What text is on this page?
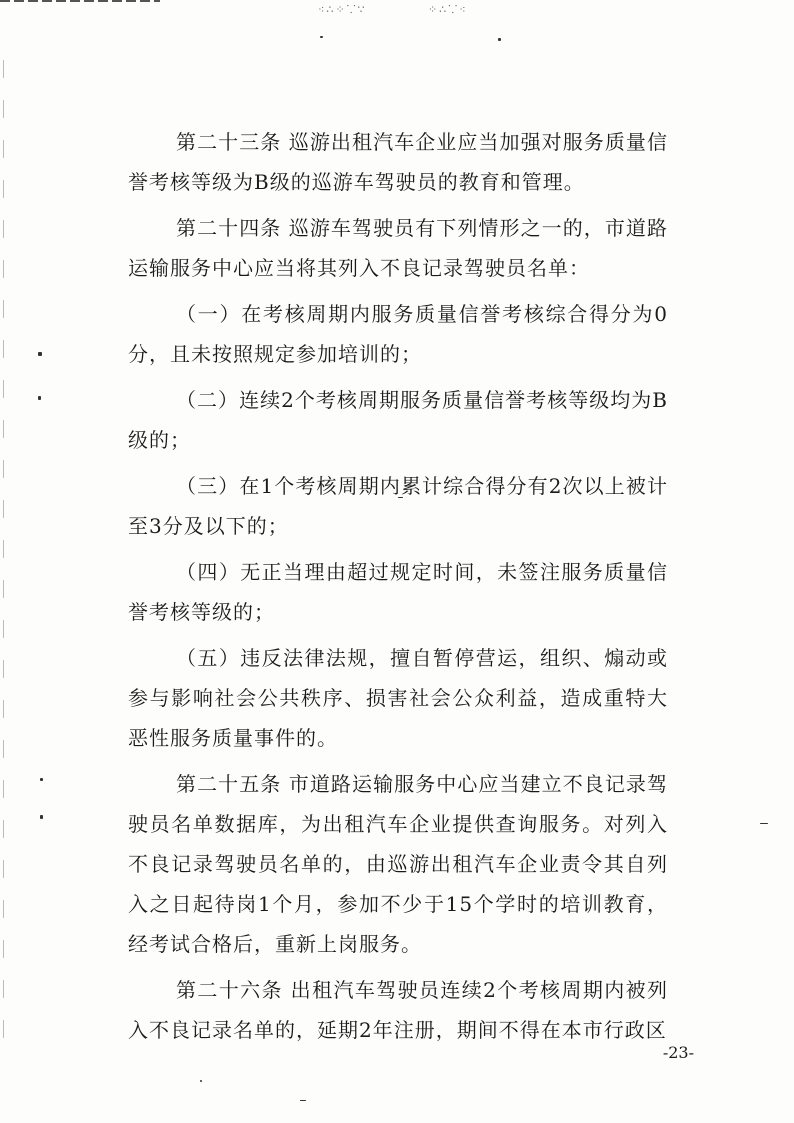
⁖∴⁘⸪∵	⁘∴⸪⁖

第二十三条 巡游出租汽车企业应当加强对服务质量信誉考核等级为B级的巡游车驾驶员的教育和管理。

第二十四条 巡游车驾驶员有下列情形之一的，市道路运输服务中心应当将其列入不良记录驾驶员名单：

（一）在考核周期内服务质量信誉考核综合得分为0分，且未按照规定参加培训的；

（二）连续2个考核周期服务质量信誉考核等级均为B级的；

（三）在1个考核周期内累计综合得分有2次以上被计至3分及以下的；

（四）无正当理由超过规定时间，未签注服务质量信誉考核等级的；

（五）违反法律法规，擅自暂停营运，组织、煽动或参与影响社会公共秩序、损害社会公众利益，造成重特大恶性服务质量事件的。

第二十五条 市道路运输服务中心应当建立不良记录驾驶员名单数据库，为出租汽车企业提供查询服务。对列入不良记录驾驶员名单的，由巡游出租汽车企业责令其自列入之日起待岗1个月，参加不少于15个学时的培训教育，经考试合格后，重新上岗服务。

第二十六条 出租汽车驾驶员连续2个考核周期内被列入不良记录名单的，延期2年注册，期间不得在本市行政区

-23-
